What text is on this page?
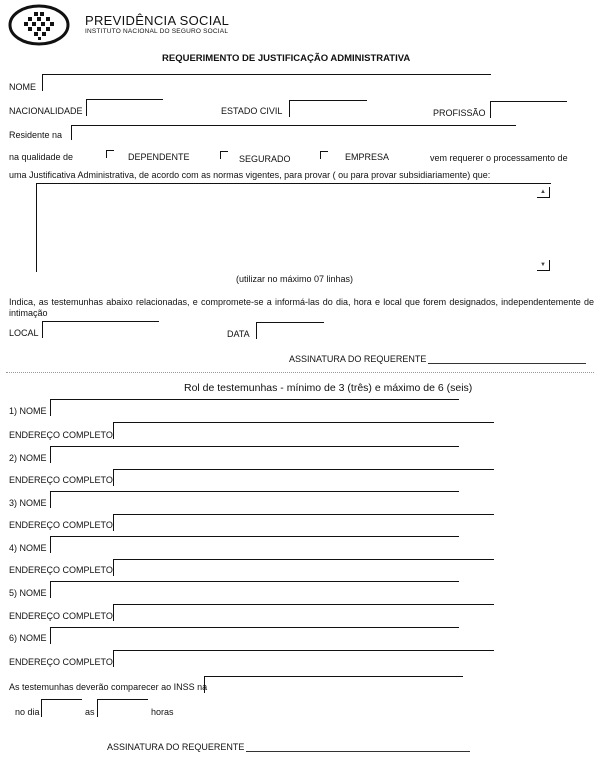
PREVIDÊNCIA SOCIAL
INSTITUTO NACIONAL DO SEGURO SOCIAL
REQUERIMENTO DE JUSTIFICAÇÃO ADMINISTRATIVA
NOME
NACIONALIDADE	ESTADO CIVIL	PROFISSÃO
Residente na
na qualidade de	DEPENDENTE	SEGURADO	EMPRESA	vem requerer o processamento de
uma Justificativa Administrativa, de acordo com as normas vigentes, para provar ( ou para provar subsidiariamente) que:
▲
▼
(utilizar no máximo 07 linhas)
Indica, as testemunhas abaixo relacionadas, e compromete-se a informá-las do dia, hora e local que forem designados, independentemente de intimação
LOCAL	DATA
ASSINATURA DO REQUERENTE
Rol de testemunhas - mínimo de 3 (três) e máximo de 6 (seis)
1) NOME
ENDEREÇO COMPLETO
2) NOME
ENDEREÇO COMPLETO
3) NOME
ENDEREÇO COMPLETO
4) NOME
ENDEREÇO COMPLETO
5) NOME
ENDEREÇO COMPLETO
6) NOME
ENDEREÇO COMPLETO
As testemunhas deverão comparecer ao INSS na
no dia	as	horas
ASSINATURA DO REQUERENTE
